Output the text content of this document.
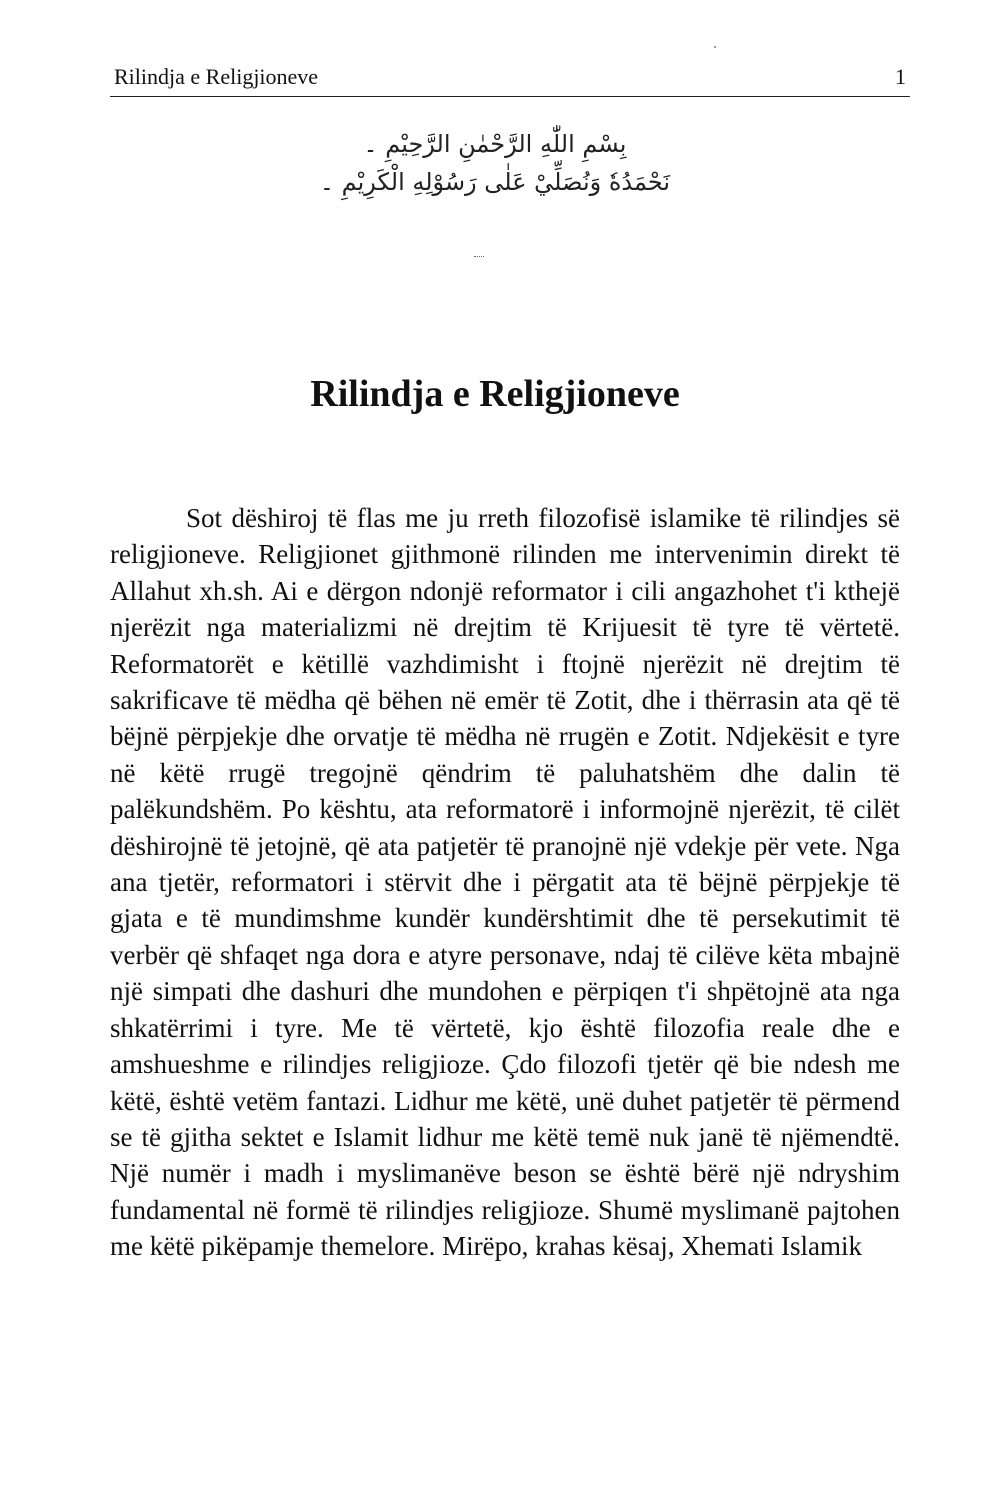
Rilindja e Religjioneve	1
بِسْمِ اللّٰهِ الرَّحْمٰنِ الرَّحِيْمِ ۔
نَحْمَدُهٗ وَنُصَلِّيْ عَلٰى رَسُوْلِهِ الْكَرِيْمِ ۔
Rilindja e Religjioneve

Sot dëshiroj të flas me ju rreth filozofisë islamike të rilindjes së religjioneve. Religjionet gjithmonë rilinden me intervenimin direkt të Allahut xh.sh. Ai e dërgon ndonjë reformator i cili angazhohet t'i kthejë njerëzit nga materializmi në drejtim të Krijuesit të tyre të vërtetë. Reformatorët e këtillë vazhdimisht i ftojnë njerëzit në drejtim të sakrificave të mëdha që bëhen në emër të Zotit, dhe i thërrasin ata që të bëjnë përpjekje dhe orvatje të mëdha në rrugën e Zotit. Ndjekësit e tyre në këtë rrugë tregojnë qëndrim të paluhatshëm dhe dalin të palëkundshëm. Po kështu, ata reformatorë i informojnë njerëzit, të cilët dëshirojnë të jetojnë, që ata patjetër të pranojnë një vdekje për vete. Nga ana tjetër, reformatori i stërvit dhe i përgatit ata të bëjnë përpjekje të gjata e të mundimshme kundër kundërshtimit dhe të persekutimit të verbër që shfaqet nga dora e atyre personave, ndaj të cilëve këta mbajnë një simpati dhe dashuri dhe mundohen e përpiqen t'i shpëtojnë ata nga shkatërrimi i tyre. Me të vërtetë, kjo është filozofia reale dhe e amshueshme e rilindjes religjioze. Çdo filozofi tjetër që bie ndesh me këtë, është vetëm fantazi. Lidhur me këtë, unë duhet patjetër të përmend se të gjitha sektet e Islamit lidhur me këtë temë nuk janë të njëmendtë. Një numër i madh i myslimanëve beson se është bërë një ndryshim fundamental në formë të rilindjes religjioze. Shumë myslimanë pajtohen me këtë pikëpamje themelore. Mirëpo, krahas kësaj, Xhemati Islamik
